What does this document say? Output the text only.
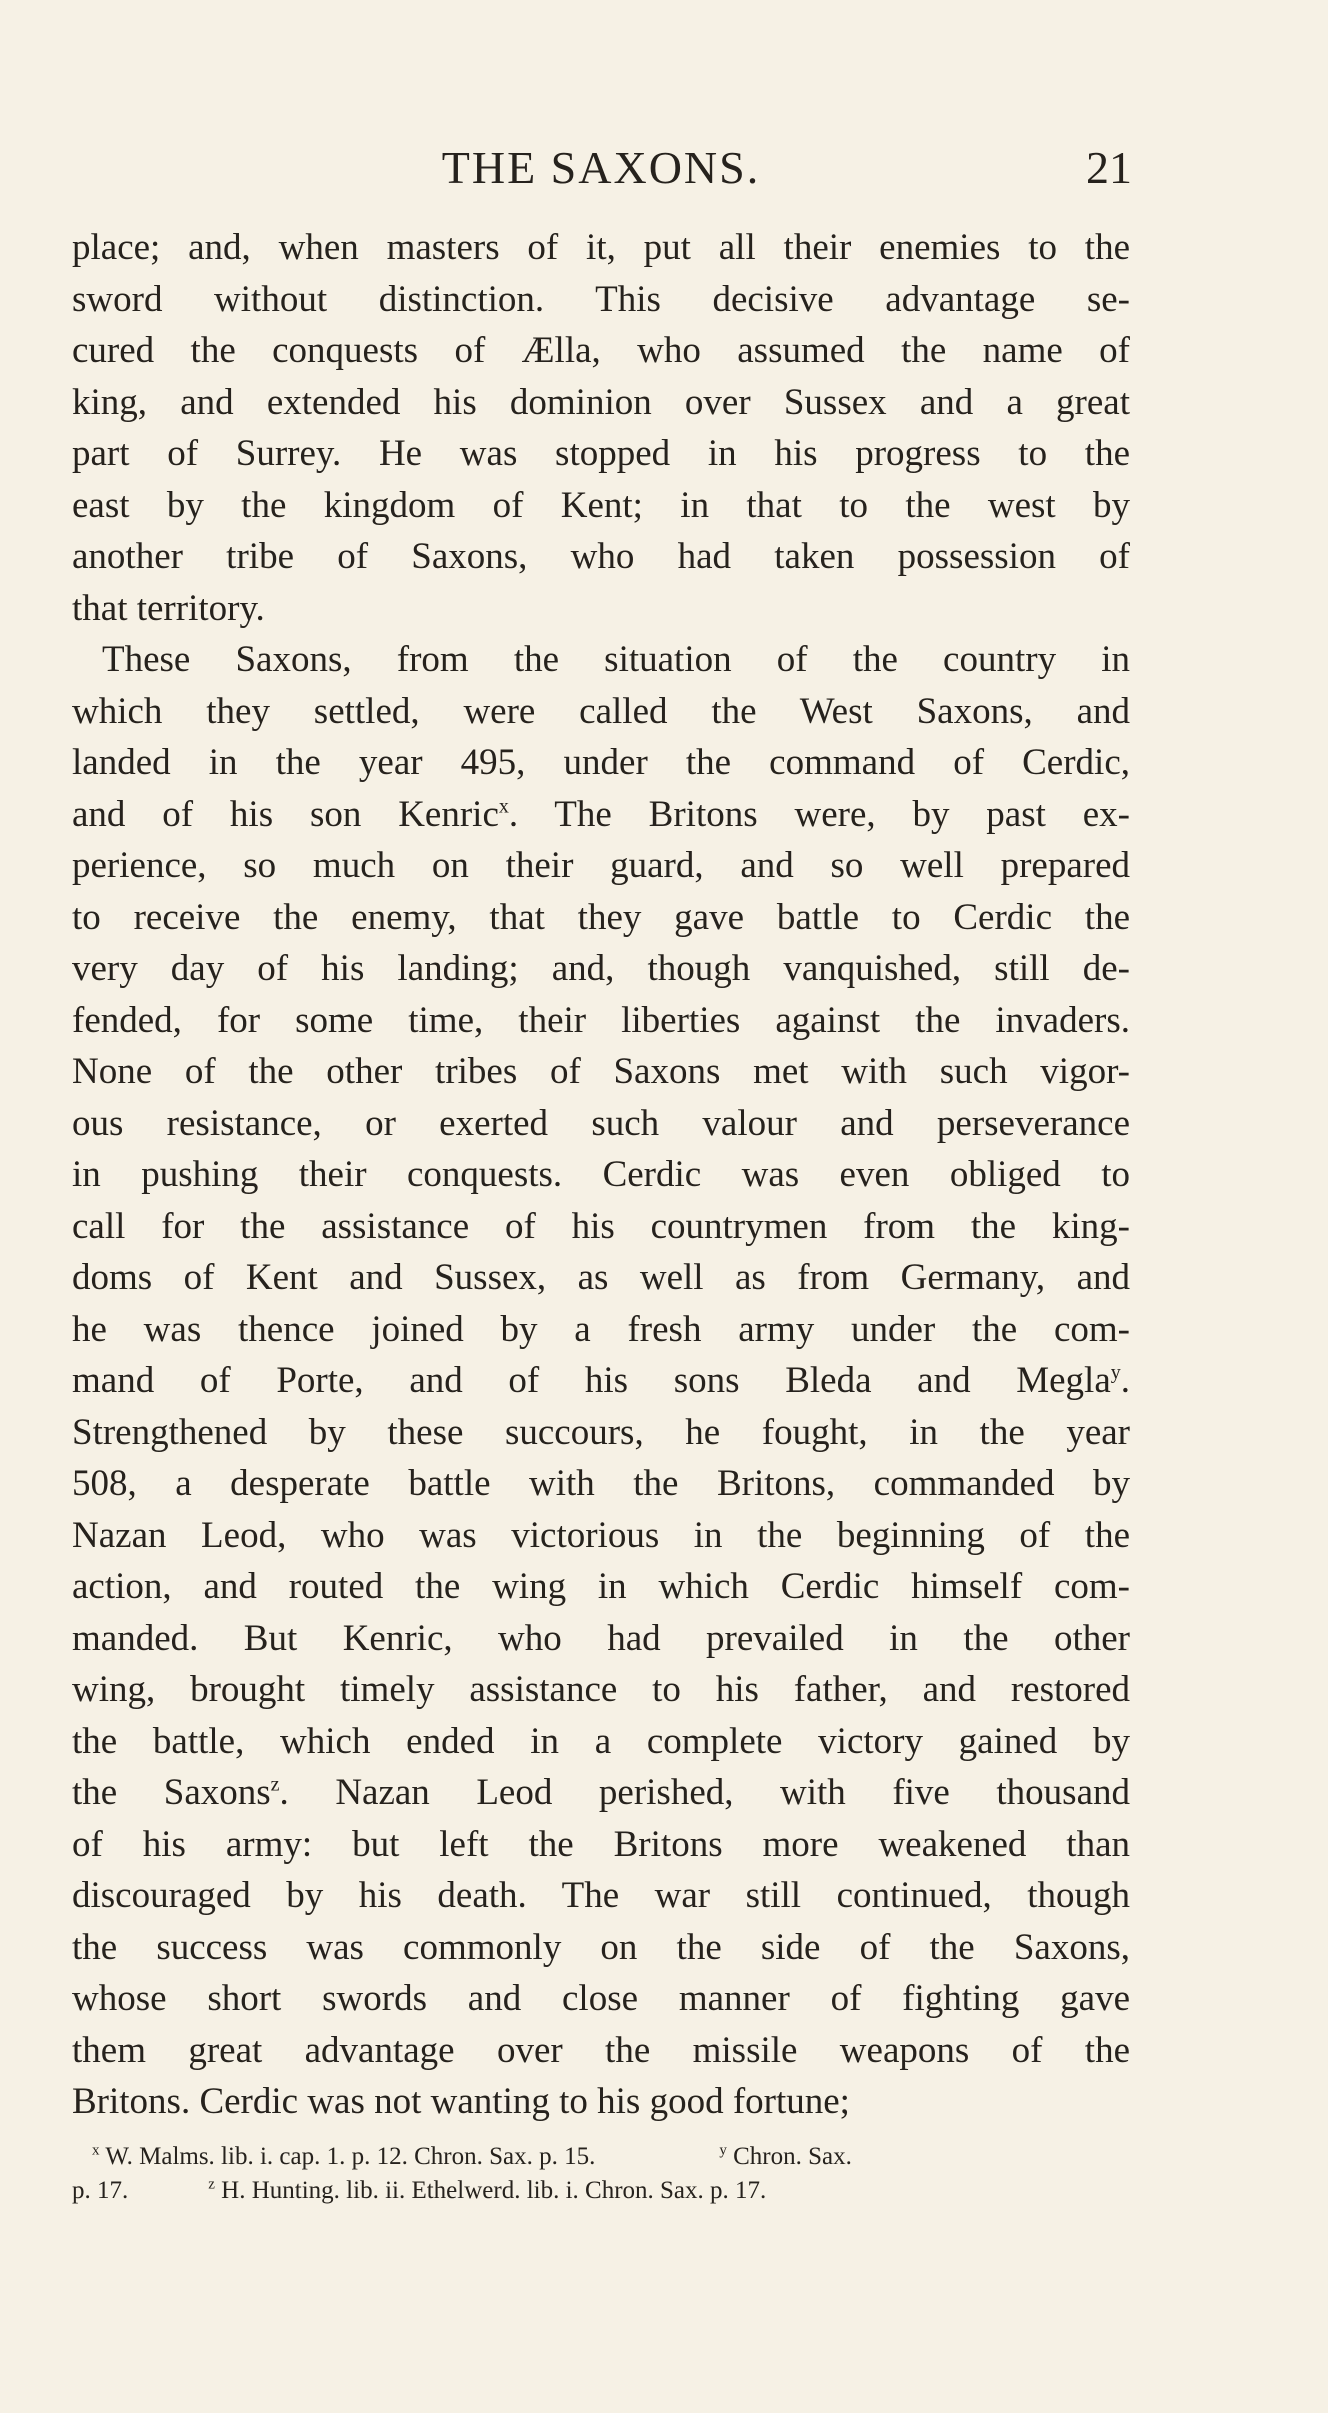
THE SAXONS.	21
place; and, when masters of it, put all their enemies to the
sword without distinction. This decisive advantage se-
cured the conquests of Ælla, who assumed the name of
king, and extended his dominion over Sussex and a great
part of Surrey. He was stopped in his progress to the
east by the kingdom of Kent; in that to the west by
another tribe of Saxons, who had taken possession of
that territory.
These Saxons, from the situation of the country in
which they settled, were called the West Saxons, and
landed in the year 495, under the command of Cerdic,
and of his son Kenric$^x$. The Britons were, by past ex-
perience, so much on their guard, and so well prepared
to receive the enemy, that they gave battle to Cerdic the
very day of his landing; and, though vanquished, still de-
fended, for some time, their liberties against the invaders.
None of the other tribes of Saxons met with such vigor-
ous resistance, or exerted such valour and perseverance
in pushing their conquests. Cerdic was even obliged to
call for the assistance of his countrymen from the king-
doms of Kent and Sussex, as well as from Germany, and
he was thence joined by a fresh army under the com-
mand of Porte, and of his sons Bleda and Megla$^y$.
Strengthened by these succours, he fought, in the year
508, a desperate battle with the Britons, commanded by
Nazan Leod, who was victorious in the beginning of the
action, and routed the wing in which Cerdic himself com-
manded. But Kenric, who had prevailed in the other
wing, brought timely assistance to his father, and restored
the battle, which ended in a complete victory gained by
the Saxons$^z$. Nazan Leod perished, with five thousand
of his army: but left the Britons more weakened than
discouraged by his death. The war still continued, though
the success was commonly on the side of the Saxons,
whose short swords and close manner of fighting gave
them great advantage over the missile weapons of the
Britons. Cerdic was not wanting to his good fortune;
$^x$ W. Malms. lib. i. cap. 1. p. 12. Chron. Sax. p. 15.	$^y$ Chron. Sax.
p. 17.	$^z$ H. Hunting. lib. ii. Ethelwerd. lib. i. Chron. Sax. p. 17.
